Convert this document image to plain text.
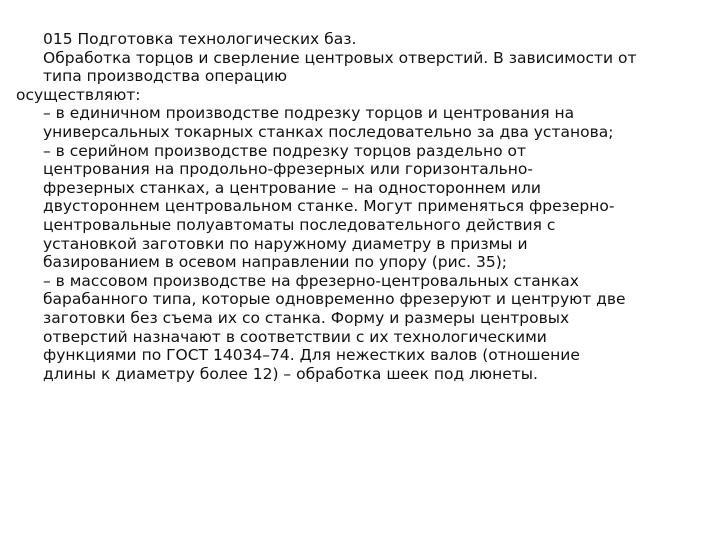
015 Подготовка технологических баз.

Обработка торцов и сверление центровых отверстий. В зависимости от
типа производства операцию
осуществляют:

– в единичном производстве подрезку торцов и центрования на
универсальных токарных станках последовательно за два установа;

– в серийном производстве подрезку торцов раздельно от
центрования на продольно-фрезерных или горизонтально-
фрезерных станках, а центрование – на одностороннем или
двустороннем центровальном станке. Могут применяться фрезерно-
центровальные полуавтоматы последовательного действия с
установкой заготовки по наружному диаметру в призмы и
базированием в осевом направлении по упору (рис. 35);

– в массовом производстве на фрезерно-центровальных станках
барабанного типа, которые одновременно фрезеруют и центруют две
заготовки без съема их со станка. Форму и размеры центровых
отверстий назначают в соответствии с их технологическими
функциями по ГОСТ 14034–74. Для нежестких валов (отношение
длины к диаметру более 12) – обработка шеек под люнеты.
